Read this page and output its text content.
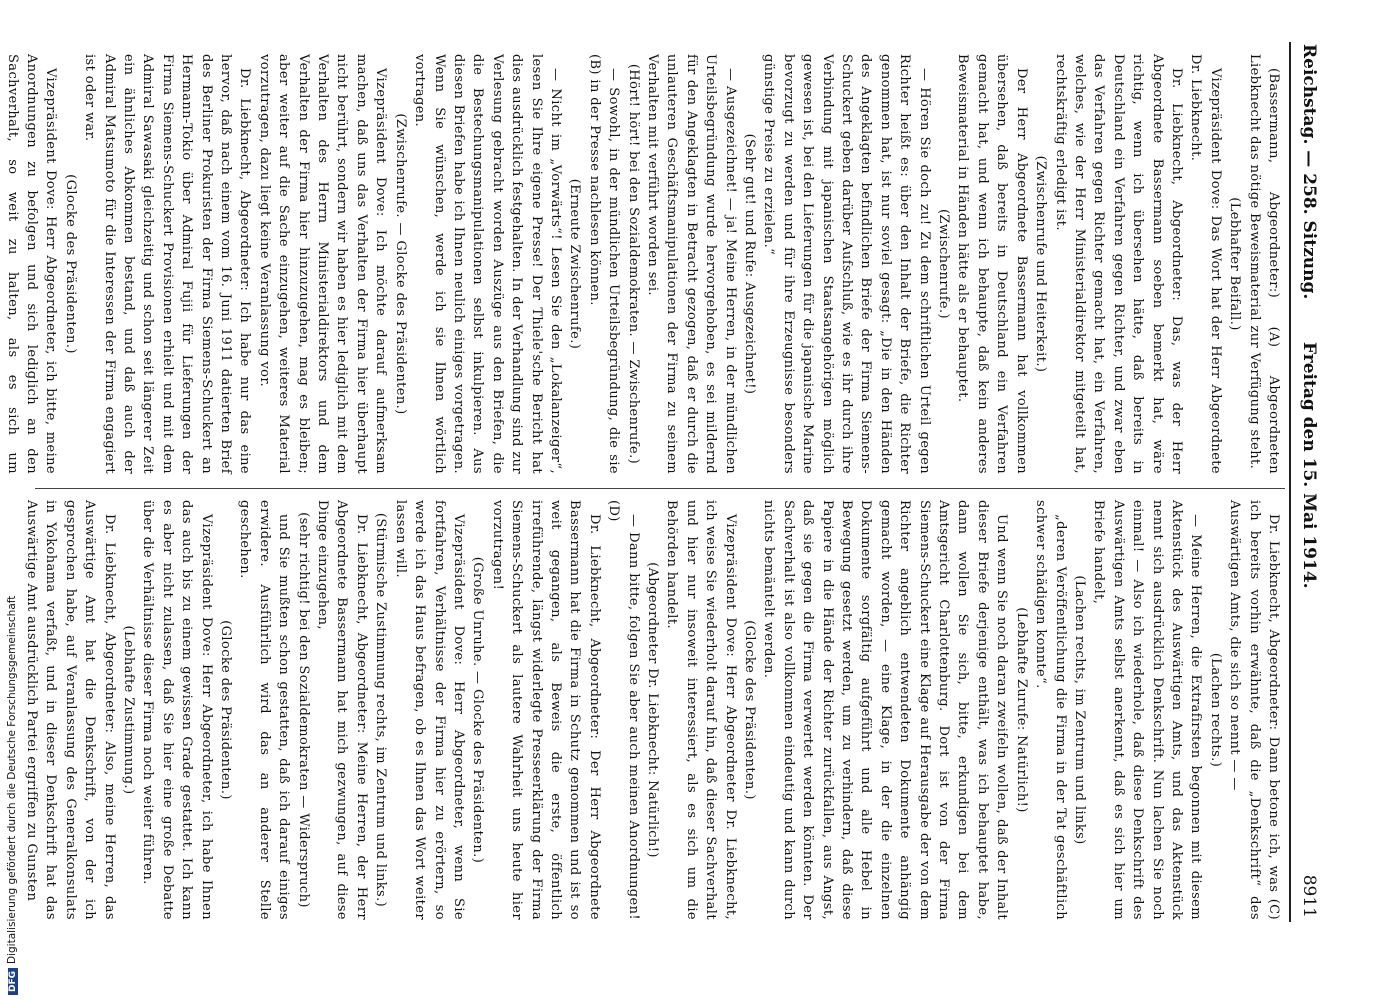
Reichstag. — 258. Sitzung.
Freitag den 15. Mai 1914.
8911

(Bassermann, Abgeordneter:) (A) Abgeordneten Liebknecht das nötige Beweismaterial zur Verfügung steht.

(Lebhafter Beifall.)

Vizepräsident Dove: Das Wort hat der Herr Abgeordnete Dr. Liebknecht.

Dr. Liebknecht, Abgeordneter: Das, was der Herr Abgeordnete Bassermann soeben bemerkt hat, wäre richtig, wenn ich übersehen hätte, daß bereits in Deutschland ein Verfahren gegen Richter, und zwar eben das Verfahren gegen Richter gemacht hat, ein Verfahren, welches, wie der Herr Ministerialdirektor mitgeteilt hat, rechtskräftig erledigt ist.

(Zwischenrufe und Heiterkeit.)

Der Herr Abgeordnete Bassermann hat vollkommen übersehen, daß bereits in Deutschland ein Verfahren gemacht hat, und wenn ich behaupte, daß kein anderes Beweismaterial in Händen hätte als er behauptet.

(Zwischenrufe.)

— Hören Sie doch zu! Zu dem schriftlichen Urteil gegen Richter heißt es: über den Inhalt der Briefe, die Richter genommen hat, ist nur soviel gesagt: „Die in den Händen des Angeklagten befindlichen Briefe der Firma Siemens-Schuckert geben darüber Aufschluß, wie es ihr durch ihre Verbindung mit japanischen Staatsangehörigen möglich gewesen ist, bei den Lieferungen für die japanische Marine bevorzugt zu werden und für ihre Erzeugnisse besonders günstige Preise zu erzielen.“

(Sehr gut! und Rufe: Ausgezeichnet!)

— Ausgezeichnet! — ja! Meine Herren, in der mündlichen Urteilsbegründung wurde hervorgehoben, es sei mildernd für den Angeklagten in Betracht gezogen, daß er durch die unlauteren Geschäftsmanipulationen der Firma zu seinem Verhalten mit verführt worden sei.

(Hört! hört! bei den Sozialdemokraten. — Zwischenrufe.)

— Sowohl, in der mündlichen Urteilsbegründung, die sie (B) in der Presse nachlesen können.

(Erneute Zwischenrufe.)

— Nicht im „Vorwärts“! Lesen Sie den „Lokalanzeiger“, lesen Sie Ihre eigene Presse! Der Thiele'sche Bericht hat dies ausdrücklich festgehalten. In der Verhandlung sind zur Verlesung gebracht worden Auszüge aus den Briefen, die die Bestechungsmanipulationen selbst inkulpieren. Aus diesen Briefen habe ich Ihnen neulich einiges vorgetragen. Wenn Sie wünschen, werde ich sie Ihnen wörtlich vortragen.

(Zwischenrufe. — Glocke des Präsidenten.)

Vizepräsident Dove: Ich möchte darauf aufmerksam machen, daß uns das Verhalten der Firma hier überhaupt nicht berührt, sondern wir haben es hier lediglich mit dem Verhalten des Herrn Ministerialdirektors und dem Verhalten der Firma hier hinzuzugehen, mag es bleiben; aber weiter auf die Sache einzugehen, weiteres Material vorzutragen, dazu liegt keine Veranlassung vor.

Dr. Liebknecht, Abgeordneter: Ich habe nur das eine hervor, daß nach einem vom 16. Juni 1911 datierten Brief des Berliner Prokuristen der Firma Siemens-Schuckert an Hermann-Tokio über Admiral Fujii für Lieferungen der Firma Siemens-Schuckert Provisionen erhielt und mit dem Admiral Sawasaki gleichzeitig und schon seit längerer Zeit ein ähnliches Abkommen bestand, und daß auch der Admiral Matsumoto für die Interessen der Firma engagiert ist oder war.

(Glocke des Präsidenten.)

Vizepräsident Dove: Herr Abgeordneter, ich bitte, meine Anordnungen zu befolgen und sich lediglich an den Sachverhalt, so weit zu halten, als es sich um

Dr. Liebknecht, Abgeordneter: Dann betone ich, was (C) ich bereits vorhin erwähnte, daß die „Denkschrift“ des Auswärtigen Amts, die sich so nennt — —

(Lachen rechts.)

— Meine Herren, die Extrafirsten begonnen mit diesem Aktenstück des Auswärtigen Amts, und das Aktenstück nennt sich ausdrücklich Denkschrift. Nun lachen Sie noch einmal! — Also ich wiederhole, daß diese Denkschrift des Auswärtigen Amts selbst anerkennt, daß es sich hier um Briefe handelt,

(Lachen rechts, im Zentrum und links)

„deren Veröffentlichung die Firma in der Tat geschäftlich schwer schädigen konnte“.

(Lebhafte Zurufe: Natürlich!)

Und wenn Sie noch daran zweifeln wollen, daß der Inhalt dieser Briefe derjenige enthält, was ich behauptet habe, dann wollen Sie sich, bitte, erkundigen bei dem Amtsgericht Charlottenburg. Dort ist von der Firma Siemens-Schuckert eine Klage auf Herausgabe der von dem Richter angeblich entwendeten Dokumente anhängig gemacht worden, — eine Klage, in der die einzelnen Dokumente sorgfältig aufgeführt und alle Hebel in Bewegung gesetzt werden, um zu verhindern, daß diese Papiere in die Hände der Richter zurückfallen, aus Angst, daß sie gegen die Firma verwertet werden könnten. Der Sachverhalt ist also vollkommen eindeutig und kann durch nichts bemäntelt werden.

(Glocke des Präsidenten.)

Vizepräsident Dove: Herr Abgeordneter Dr. Liebknecht, ich weise Sie wiederholt darauf hin, daß dieser Sachverhalt und hier nur insoweit interessiert, als es sich um die Behörden handelt.

(Abgeordneter Dr. Liebknecht: Natürlich!)

— Dann bitte, folgen Sie aber auch meinen Anordnungen! (D)

Dr. Liebknecht, Abgeordneter: Der Herr Abgeordnete Bassermann hat die Firma in Schutz genommen und ist so weit gegangen, als Beweis die erste, öffentlich irreführende, längst widerlegte Presseerklärung der Firma Siemens-Schuckert als lautere Wahrheit uns heute hier vorzutragen!

(Große Unruhe. — Glocke des Präsidenten.)

Vizepräsident Dove: Herr Abgeordneter, wenn Sie fortfahren, Verhältnisse der Firma hier zu erörtern, so werde ich das Haus befragen, ob es Ihnen das Wort weiter lassen will.

(Stürmische Zustimmung rechts, im Zentrum und links.)

Dr. Liebknecht, Abgeordneter: Meine Herren, der Herr Abgeordnete Bassermann hat mich gezwungen, auf diese Dinge einzugehen,

(sehr richtig! bei den Sozialdemokraten — Widerspruch)

und Sie mußten schon gestatten, daß ich darauf einiges erwidere. Ausführlich wird das an anderer Stelle geschehen.

(Glocke des Präsidenten.)

Vizepräsident Dove: Herr Abgeordneter, ich habe Ihnen das auch bis zu einem gewissen Grade gestattet. Ich kann es aber nicht zulassen, daß Sie hier eine große Debatte über die Verhältnisse dieser Firma noch weiter führen.

(Lebhafte Zustimmung.)

Dr. Liebknecht, Abgeordneter: Also, meine Herren, das Auswärtige Amt hat die Denkschrift, von der ich gesprochen habe, auf Veranlassung des Generalkonsulats in Yokohama verfaßt, und in dieser Denkschrift hat das Auswärtige Amt ausdrücklich Partei ergriffen zu Gunsten

DFGDigitalisierung gefördert durch die Deutsche Forschungsgemeinschaft
